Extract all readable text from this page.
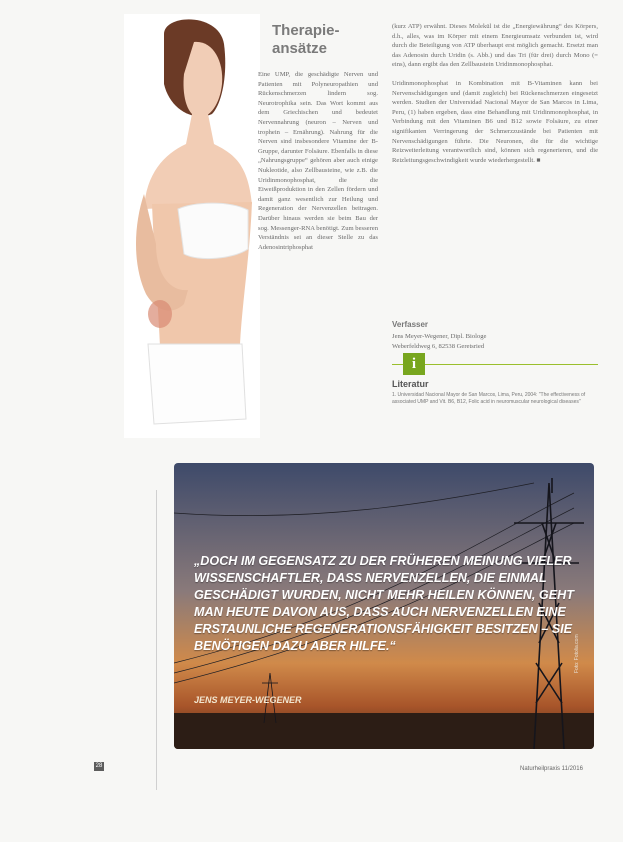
Therapie-
ansätze
Eine UMP, die geschädigte Nerven und Patienten mit Polyneuropathien und Rückenschmerzen lindern sog. Neurotrophika sein. Das Wort kommt aus dem Griechischen und bedeutet Nervennahrung (neuron – Nerven und trophein – Ernährung). Nahrung für die Nerven sind insbesondere Vitamine der B-Gruppe, darunter Folsäure. Ebenfalls in diese „Nahrungsgruppe“ gehören aber auch einige Nukleotide, also Zellbausteine, wie z.B. die Uridinmonophosphat, die die Eiweißproduktion in den Zellen fördern und damit ganz wesentlich zur Heilung und Regeneration der Nervenzellen beitragen. Darüber hinaus werden sie beim Bau der sog. Messenger-RNA benötigt. Zum besseren Verständnis sei an dieser Stelle zu das Adenosintriphosphat

(kurz ATP) erwähnt. Dieses Molekül ist die „Energiewährung“ des Körpers, d.h., alles, was im Körper mit einem Energieumsatz verbunden ist, wird durch die Beteiligung von ATP überhaupt erst möglich gemacht. Ersetzt man das Adenosin durch Uridin (s. Abb.) und das Tri (für drei) durch Mono (= eins), dann ergibt das den Zellbaustein Uridinmonophosphat.

Uridinmonophosphat in Kombination mit B-Vitaminen kann bei Nervenschädigungen und (damit zugleich) bei Rückenschmerzen eingesetzt werden. Studien der Universidad Nacional Mayor de San Marcos in Lima, Peru, (1) haben ergeben, dass eine Behandlung mit Uridinmonophosphat, in Verbindung mit den Vitaminen B6 und B12 sowie Folsäure, zu einer signifikanten Verringerung der Schmerzzustände bei Patienten mit Nervenschädigungen führte. Die Neuronen, die für die wichtige Reizweiterleitung verantwortlich sind, können sich regenerieren, und die Reizleitungsgeschwindigkeit wurde wiederhergestellt. ■

Verfasser
Jens Meyer-Wegener, Dipl. Biologe
Weberfeldweg 6, 82538 Geretsried
i
Literatur
1. Universidad Nacional Mayor de San Marcos, Lima, Peru, 2004: "The effectiveness of associated UMP and Vit. B6, B12, Folic acid in neuromuscular neurological diseases"
„DOCH IM GEGENSATZ ZU DER FRÜHEREN MEINUNG VIELER WISSENSCHAFTLER, DASS NERVENZELLEN, DIE EINMAL GESCHÄDIGT WURDEN, NICHT MEHR HEILEN KÖNNEN, GEHT MAN HEUTE DAVON AUS, DASS AUCH NERVENZELLEN EINE ERSTAUNLICHE REGENERATIONSFÄHIGKEIT BESITZEN – SIE BENÖTIGEN DAZU ABER HILFE.“
JENS MEYER-WEGENER
Foto: Fotolia.com
28	Naturheilpraxis 11/2016
